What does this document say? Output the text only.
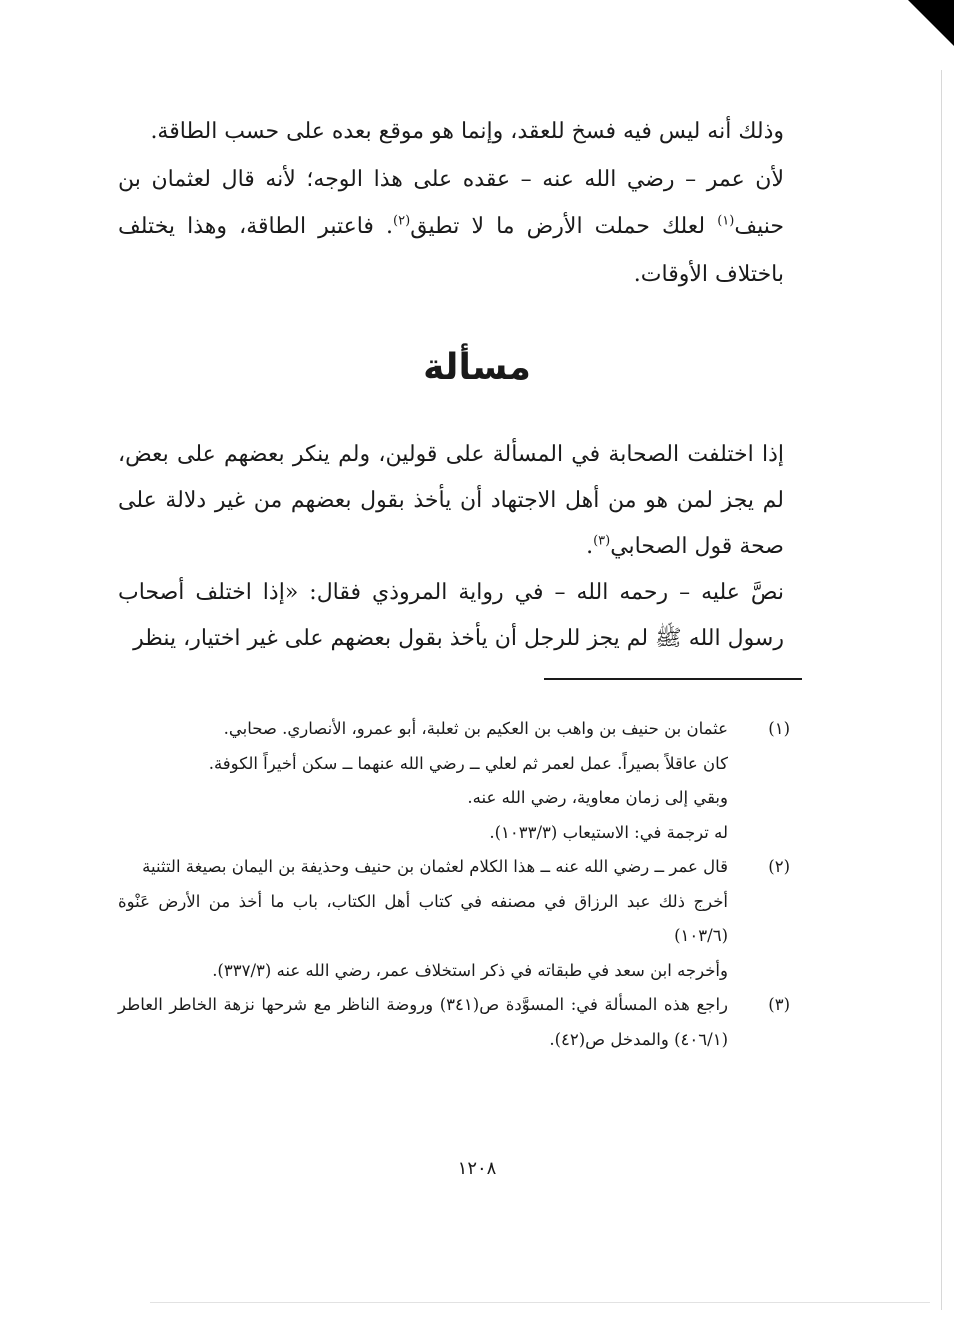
وذلك أنه ليس فيه فسخ للعقد، وإنما هو موقع بعده على حسب الطاقة.

لأن عمر – رضي الله عنه – عقده على هذا الوجه؛ لأنه قال لعثمان بن حنيف$^{(١)}$ لعلك حملت الأرض ما لا تطيق$^{(٢)}$. فاعتبر الطاقة، وهذا يختلف باختلاف الأوقات.

مسألة

إذا اختلفت الصحابة في المسألة على قولين، ولم ينكر بعضهم على بعض، لم يجز لمن هو من أهل الاجتهاد أن يأخذ بقول بعضهم من غير دلالة على صحة قول الصحابي$^{(٣)}$.

نصَّ عليه – رحمه الله – في رواية المروذي فقال: «إذا اختلف أصحاب رسول الله ﷺ لم يجز للرجل أن يأخذ بقول بعضهم على غير اختيار، ينظر

(١)

عثمان بن حنيف بن واهب بن العكيم بن ثعلبة، أبو عمرو، الأنصاري. صحابي.

كان عاقلاً بصيراً. عمل لعمر ثم لعلي ــ رضي الله عنهما ــ سكن أخيراً الكوفة.

وبقي إلى زمان معاوية، رضي الله عنه.

له ترجمة في: الاستيعاب (١٠٣٣/٣).

(٢)

قال عمر ــ رضي الله عنه ــ هذا الكلام لعثمان بن حنيف وحذيفة بن اليمان بصيغة التثنية

أخرج ذلك عبد الرزاق في مصنفه في كتاب أهل الكتاب، باب ما أخذ من الأرض عَنْوة (١٠٣/٦)

وأخرجه ابن سعد في طبقاته في ذكر استخلاف عمر، رضي الله عنه (٣٣٧/٣).

(٣)

راجع هذه المسألة في: المسوَّدة ص(٣٤١) وروضة الناظر مع شرحها نزهة الخاطر العاطر (٤٠٦/١) والمدخل ص(٤٢).

١٢٠٨
